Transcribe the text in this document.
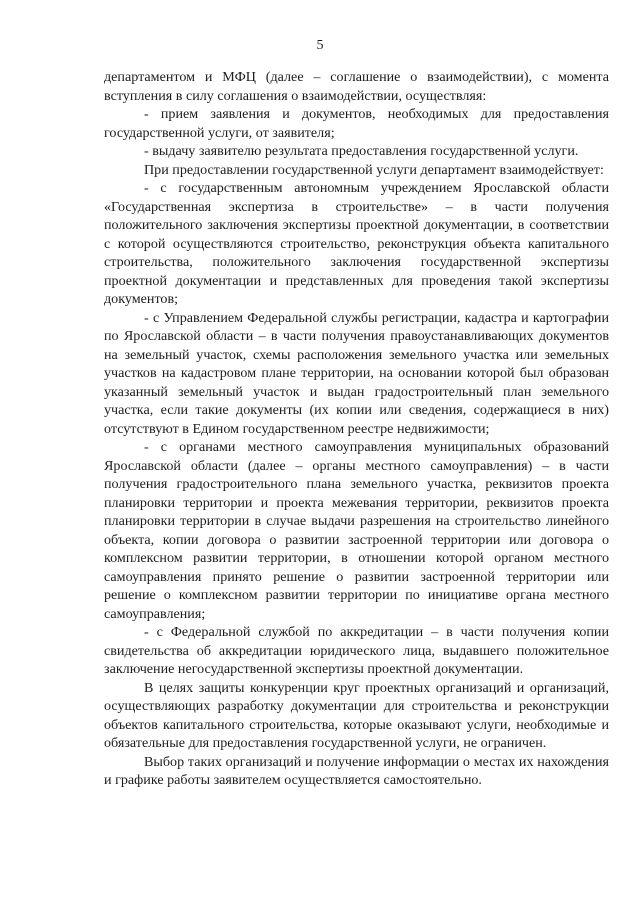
5

департаментом и МФЦ (далее – соглашение о взаимодействии), с момента вступления в силу соглашения о взаимодействии, осуществляя:

- прием заявления и документов, необходимых для предоставления государственной услуги, от заявителя;

- выдачу заявителю результата предоставления государственной услуги.

При предоставлении государственной услуги департамент взаимодействует:

- с государственным автономным учреждением Ярославской области «Государственная экспертиза в строительстве» – в части получения положительного заключения экспертизы проектной документации, в соответствии с которой осуществляются строительство, реконструкция объекта капитального строительства, положительного заключения государственной экспертизы проектной документации и представленных для проведения такой экспертизы документов;

- с Управлением Федеральной службы регистрации, кадастра и картографии по Ярославской области – в части получения правоустанавливающих документов на земельный участок, схемы расположения земельного участка или земельных участков на кадастровом плане территории, на основании которой был образован указанный земельный участок и выдан градостроительный план земельного участка, если такие документы (их копии или сведения, содержащиеся в них) отсутствуют в Едином государственном реестре недвижимости;

- с органами местного самоуправления муниципальных образований Ярославской области (далее – органы местного самоуправления) – в части получения градостроительного плана земельного участка, реквизитов проекта планировки территории и проекта межевания территории, реквизитов проекта планировки территории в случае выдачи разрешения на строительство линейного объекта, копии договора о развитии застроенной территории или договора о комплексном развитии территории, в отношении которой органом местного самоуправления принято решение о развитии застроенной территории или решение о комплексном развитии территории по инициативе органа местного самоуправления;

- с Федеральной службой по аккредитации – в части получения копии свидетельства об аккредитации юридического лица, выдавшего положительное заключение негосударственной экспертизы проектной документации.

В целях защиты конкуренции круг проектных организаций и организаций, осуществляющих разработку документации для строительства и реконструкции объектов капитального строительства, которые оказывают услуги, необходимые и обязательные для предоставления государственной услуги, не ограничен.

Выбор таких организаций и получение информации о местах их нахождения и графике работы заявителем осуществляется самостоятельно.
